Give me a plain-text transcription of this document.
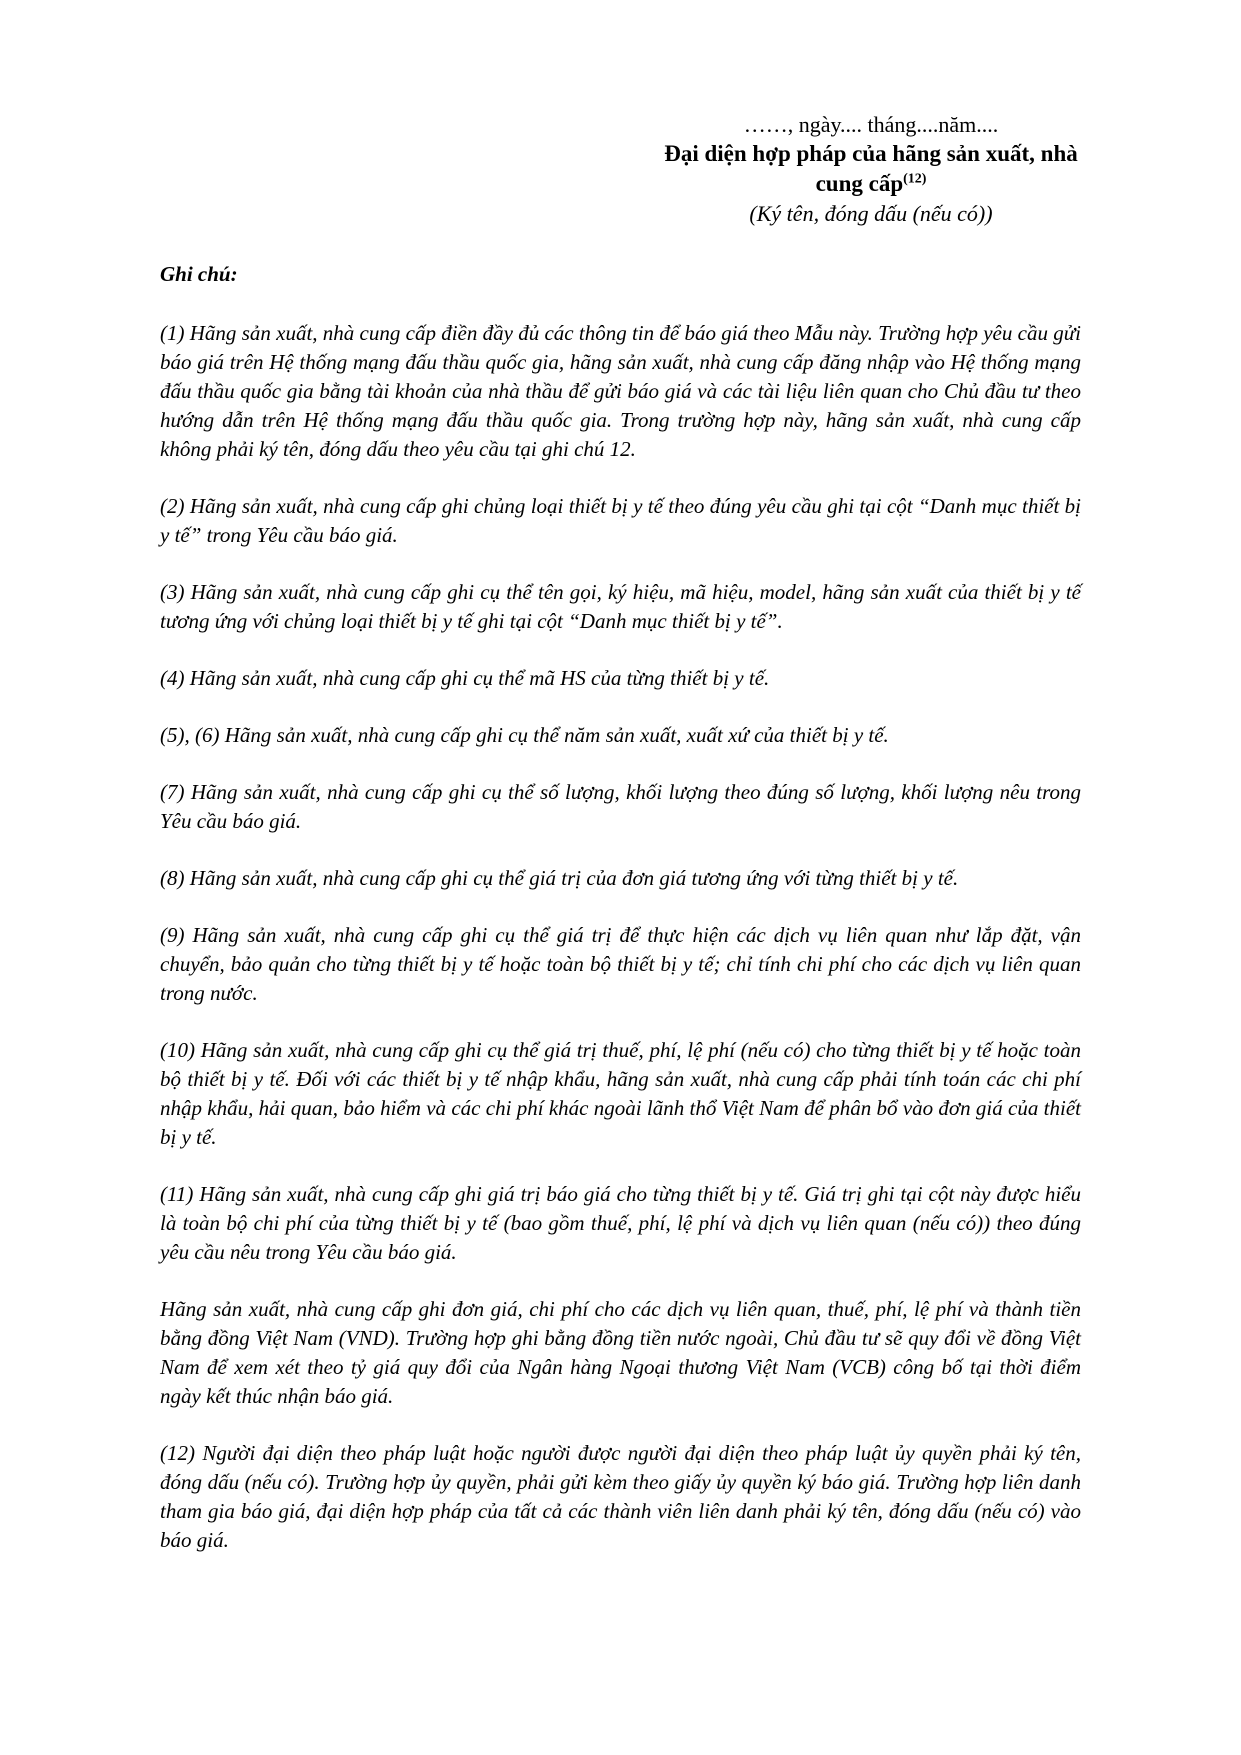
……, ngày.... tháng....năm....
Đại diện hợp pháp của hãng sản xuất, nhà cung cấp$^{(12)}$
(Ký tên, đóng dấu (nếu có))

Ghi chú:

(1) Hãng sản xuất, nhà cung cấp điền đầy đủ các thông tin để báo giá theo Mẫu này. Trường hợp yêu cầu gửi báo giá trên Hệ thống mạng đấu thầu quốc gia, hãng sản xuất, nhà cung cấp đăng nhập vào Hệ thống mạng đấu thầu quốc gia bằng tài khoản của nhà thầu để gửi báo giá và các tài liệu liên quan cho Chủ đầu tư theo hướng dẫn trên Hệ thống mạng đấu thầu quốc gia. Trong trường hợp này, hãng sản xuất, nhà cung cấp không phải ký tên, đóng dấu theo yêu cầu tại ghi chú 12.

(2) Hãng sản xuất, nhà cung cấp ghi chủng loại thiết bị y tế theo đúng yêu cầu ghi tại cột “Danh mục thiết bị y tế” trong Yêu cầu báo giá.

(3) Hãng sản xuất, nhà cung cấp ghi cụ thể tên gọi, ký hiệu, mã hiệu, model, hãng sản xuất của thiết bị y tế tương ứng với chủng loại thiết bị y tế ghi tại cột “Danh mục thiết bị y tế”.

(4) Hãng sản xuất, nhà cung cấp ghi cụ thể mã HS của từng thiết bị y tế.

(5), (6) Hãng sản xuất, nhà cung cấp ghi cụ thể năm sản xuất, xuất xứ của thiết bị y tế.

(7) Hãng sản xuất, nhà cung cấp ghi cụ thể số lượng, khối lượng theo đúng số lượng, khối lượng nêu trong Yêu cầu báo giá.

(8) Hãng sản xuất, nhà cung cấp ghi cụ thể giá trị của đơn giá tương ứng với từng thiết bị y tế.

(9) Hãng sản xuất, nhà cung cấp ghi cụ thể giá trị để thực hiện các dịch vụ liên quan như lắp đặt, vận chuyển, bảo quản cho từng thiết bị y tế hoặc toàn bộ thiết bị y tế; chỉ tính chi phí cho các dịch vụ liên quan trong nước.

(10) Hãng sản xuất, nhà cung cấp ghi cụ thể giá trị thuế, phí, lệ phí (nếu có) cho từng thiết bị y tế hoặc toàn bộ thiết bị y tế. Đối với các thiết bị y tế nhập khẩu, hãng sản xuất, nhà cung cấp phải tính toán các chi phí nhập khẩu, hải quan, bảo hiểm và các chi phí khác ngoài lãnh thổ Việt Nam để phân bổ vào đơn giá của thiết bị y tế.

(11) Hãng sản xuất, nhà cung cấp ghi giá trị báo giá cho từng thiết bị y tế. Giá trị ghi tại cột này được hiểu là toàn bộ chi phí của từng thiết bị y tế (bao gồm thuế, phí, lệ phí và dịch vụ liên quan (nếu có)) theo đúng yêu cầu nêu trong Yêu cầu báo giá.

Hãng sản xuất, nhà cung cấp ghi đơn giá, chi phí cho các dịch vụ liên quan, thuế, phí, lệ phí và thành tiền bằng đồng Việt Nam (VND). Trường hợp ghi bằng đồng tiền nước ngoài, Chủ đầu tư sẽ quy đổi về đồng Việt Nam để xem xét theo tỷ giá quy đổi của Ngân hàng Ngoại thương Việt Nam (VCB) công bố tại thời điểm ngày kết thúc nhận báo giá.

(12) Người đại diện theo pháp luật hoặc người được người đại diện theo pháp luật ủy quyền phải ký tên, đóng dấu (nếu có). Trường hợp ủy quyền, phải gửi kèm theo giấy ủy quyền ký báo giá. Trường hợp liên danh tham gia báo giá, đại diện hợp pháp của tất cả các thành viên liên danh phải ký tên, đóng dấu (nếu có) vào báo giá.
